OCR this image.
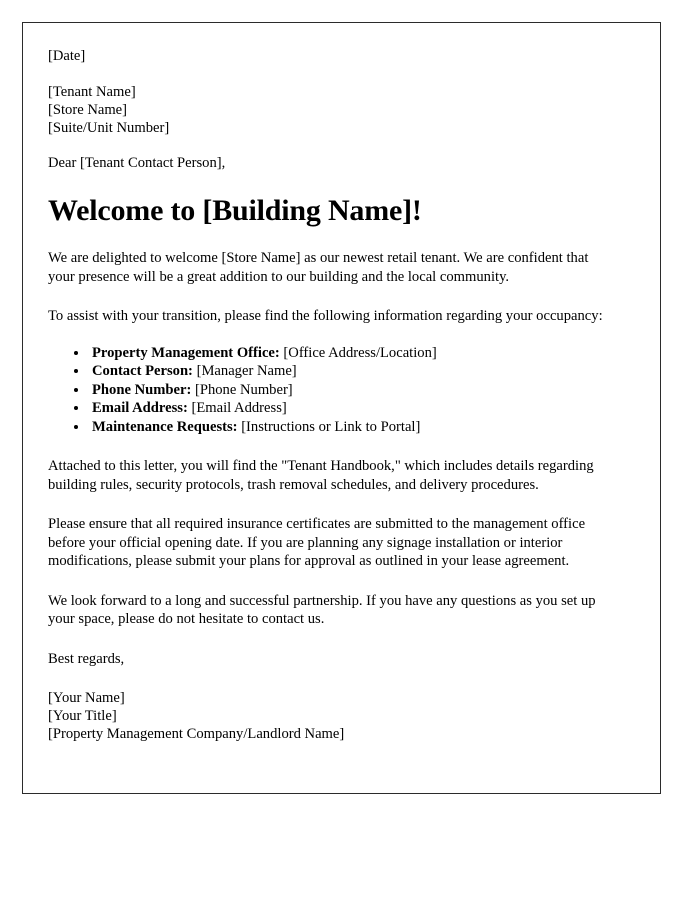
[Date]
[Tenant Name]
[Store Name]
[Suite/Unit Number]
Dear [Tenant Contact Person],
Welcome to [Building Name]!

We are delighted to welcome [Store Name] as our newest retail tenant. We are confident that your presence will be a great addition to our building and the local community.

To assist with your transition, please find the following information regarding your occupancy:

• Property Management Office: [Office Address/Location]
• Contact Person: [Manager Name]
• Phone Number: [Phone Number]
• Email Address: [Email Address]
• Maintenance Requests: [Instructions or Link to Portal]

Attached to this letter, you will find the "Tenant Handbook," which includes details regarding building rules, security protocols, trash removal schedules, and delivery procedures.

Please ensure that all required insurance certificates are submitted to the management office before your official opening date. If you are planning any signage installation or interior modifications, please submit your plans for approval as outlined in your lease agreement.

We look forward to a long and successful partnership. If you have any questions as you set up your space, please do not hesitate to contact us.

Best regards,
[Your Name]
[Your Title]
[Property Management Company/Landlord Name]
